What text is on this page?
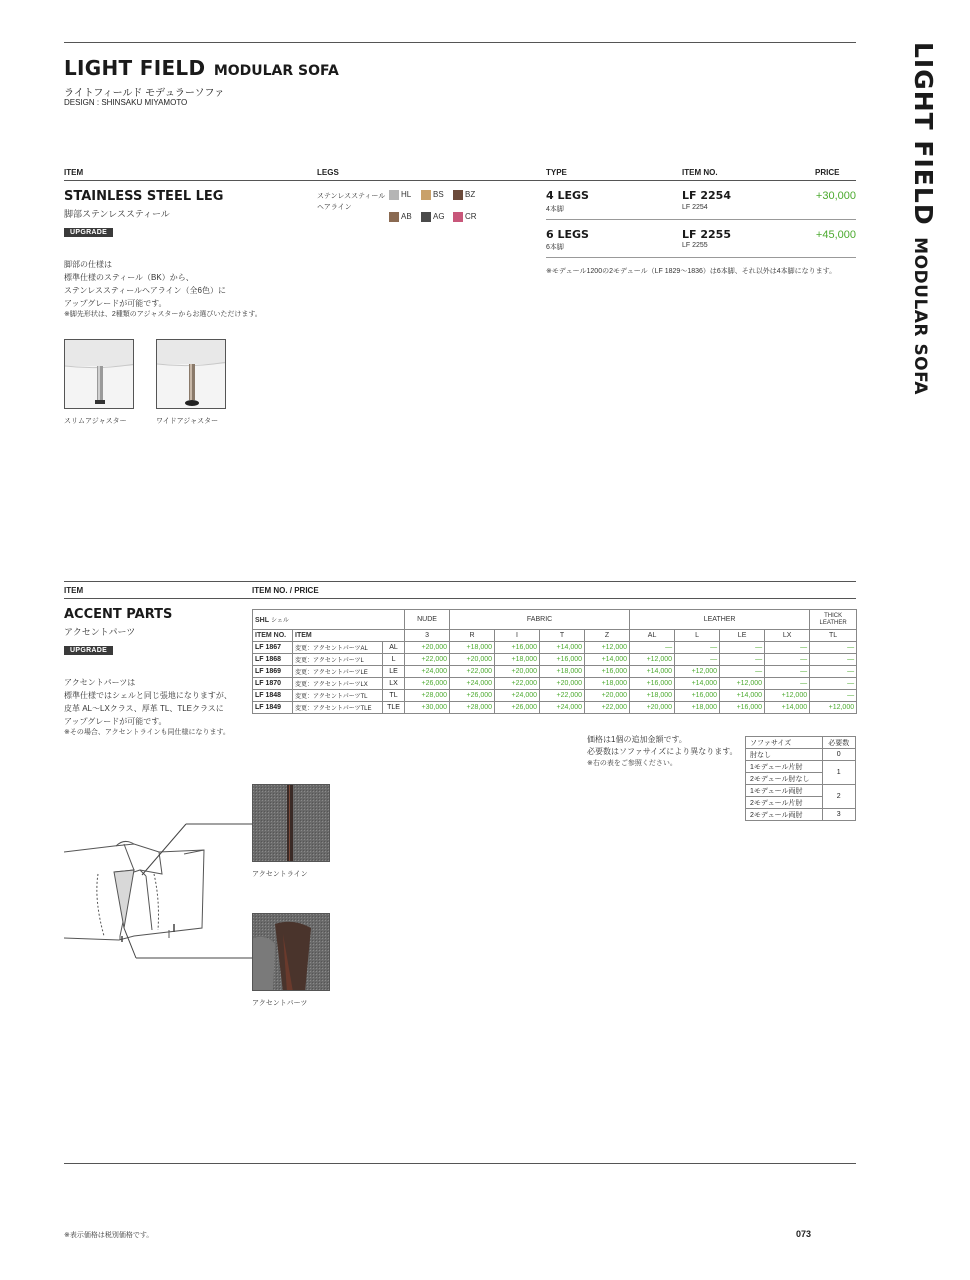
LIGHT FIELD MODULAR SOFA
LIGHT FIELD MODULAR SOFA
ライトフィールド モデュラーソファ
DESIGN : SHINSAKU MIYAMOTO
ITEM	LEGS	TYPE	ITEM NO.	PRICE
STAINLESS STEEL LEG
脚部ステンレススティール
UPGRADE
ステンレススティール
ヘアライン
HL	BS	BZ
AB	AG	CR
4 LEGS
4本脚
LF 2254
LF 2254
+30,000
6 LEGS
6本脚
LF 2255
LF 2255
+45,000
※モデュール1200の2モデュール（LF 1829〜1836）は6本脚、それ以外は4本脚になります。
脚部の仕様は
標準仕様のスティール（BK）から、
ステンレススティールヘアライン（全6色）に
アップグレードが可能です。
※脚先形状は、2種類のアジャスターからお選びいただけます。
スリムアジャスター	ワイドアジャスター
ITEM	ITEM NO. / PRICE
ACCENT PARTS
アクセントパーツ
UPGRADE
アクセントパーツは
標準仕様ではシェルと同じ張地になりますが、
皮革 AL〜LXクラス、厚革 TL、TLEクラスに
アップグレードが可能です。
※その場合、アクセントラインも同仕様になります。
SHL シェル			NUDE	FABRIC				LEATHER				THICK
LEATHER

ITEM NO.	ITEM		3	R	I	T	Z	AL	L	LE	LX	TL
LF 1867	変更：アクセントパーツAL	AL	+20,000	+18,000	+16,000	+14,000	+12,000	—	—	—	—	—
LF 1868	変更：アクセントパーツL	L	+22,000	+20,000	+18,000	+16,000	+14,000	+12,000	—	—	—	—
LF 1869	変更：アクセントパーツLE	LE	+24,000	+22,000	+20,000	+18,000	+16,000	+14,000	+12,000	—	—	—
LF 1870	変更：アクセントパーツLX	LX	+26,000	+24,000	+22,000	+20,000	+18,000	+16,000	+14,000	+12,000	—	—
LF 1848	変更：アクセントパーツTL	TL	+28,000	+26,000	+24,000	+22,000	+20,000	+18,000	+16,000	+14,000	+12,000	—
LF 1849	変更：アクセントパーツTLE	TLE	+30,000	+28,000	+26,000	+24,000	+22,000	+20,000	+18,000	+16,000	+14,000	+12,000
価格は1個の追加金額です。
必要数はソファサイズにより異なります。
※右の表をご参照ください。
ソファサイズ	必要数
肘なし	0
1モデュール片肘	1
2モデュール肘なし	
1モデュール両肘	2
2モデュール片肘	
2モデュール両肘	3
アクセントライン
アクセントパーツ
※表示価格は税別価格です。	073
